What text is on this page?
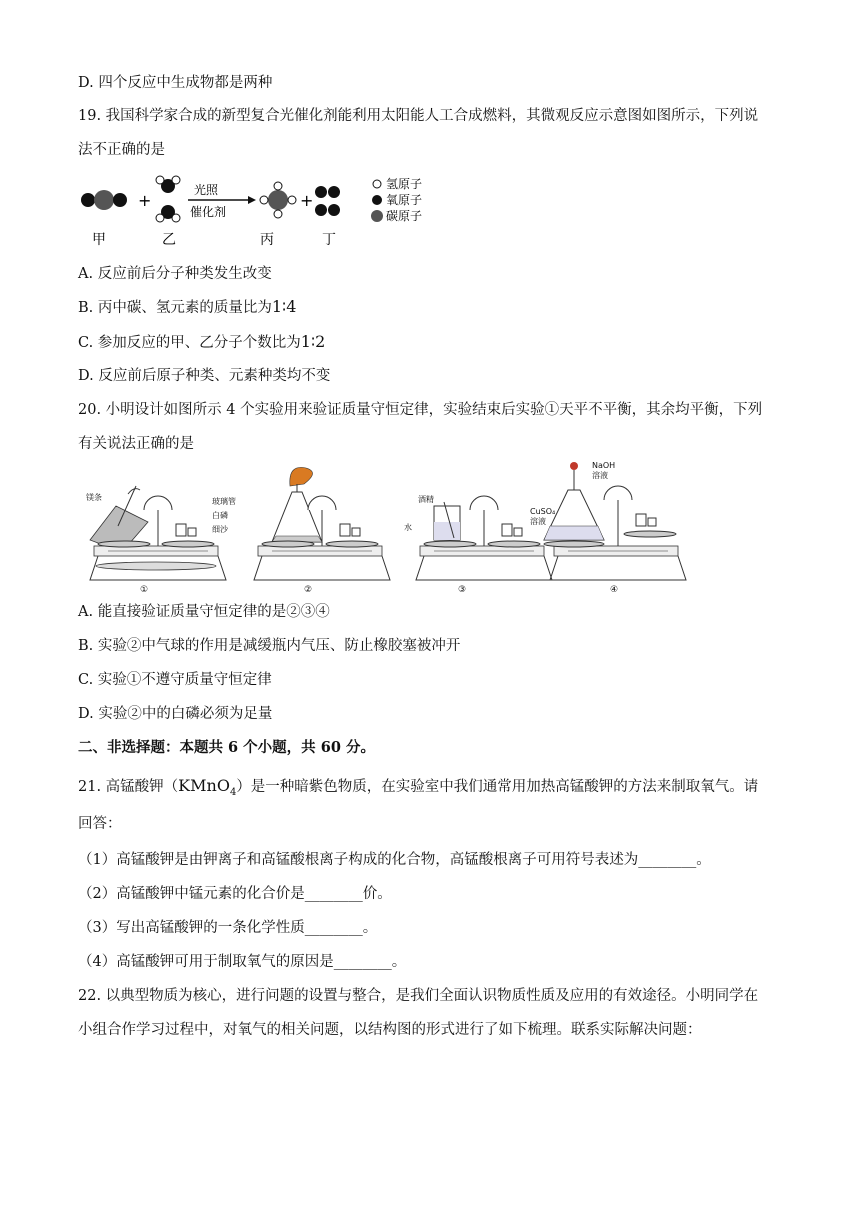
D. 四个反应中生成物都是两种
19. 我国科学家合成的新型复合光催化剂能利用太阳能人工合成燃料，其微观反应示意图如图所示，下列说
法不正确的是
+
光照
催化剂
+
氢原子
氧原子
碳原子
甲	乙	丙	丁
A. 反应前后分子种类发生改变
B. 丙中碳、氢元素的质量比为1∶4
C. 参加反应的甲、乙分子个数比为1∶2
D. 反应前后原子种类、元素种类均不变
20. 小明设计如图所示 4 个实验用来验证质量守恒定律，实验结束后实验①天平不平衡，其余均平衡，下列
有关说法正确的是
镁条
①
玻璃管
白磷
细沙
②
酒精
水
③
NaOH
溶液
CuSO₄
溶液
④
A. 能直接验证质量守恒定律的是②③④
B. 实验②中气球的作用是减缓瓶内气压、防止橡胶塞被冲开
C. 实验①不遵守质量守恒定律
D. 实验②中的白磷必须为足量
二、非选择题：本题共 6 个小题，共 60 分。
21. 高锰酸钾（KMnO$_4$）是一种暗紫色物质，在实验室中我们通常用加热高锰酸钾的方法来制取氧气。请
回答：
（1）高锰酸钾是由钾离子和高锰酸根离子构成的化合物，高锰酸根离子可用符号表述为________。
（2）高锰酸钾中锰元素的化合价是________价。
（3）写出高锰酸钾的一条化学性质________。
（4）高锰酸钾可用于制取氧气的原因是________。
22. 以典型物质为核心，进行问题的设置与整合，是我们全面认识物质性质及应用的有效途径。小明同学在
小组合作学习过程中，对氧气的相关问题，以结构图的形式进行了如下梳理。联系实际解决问题：
